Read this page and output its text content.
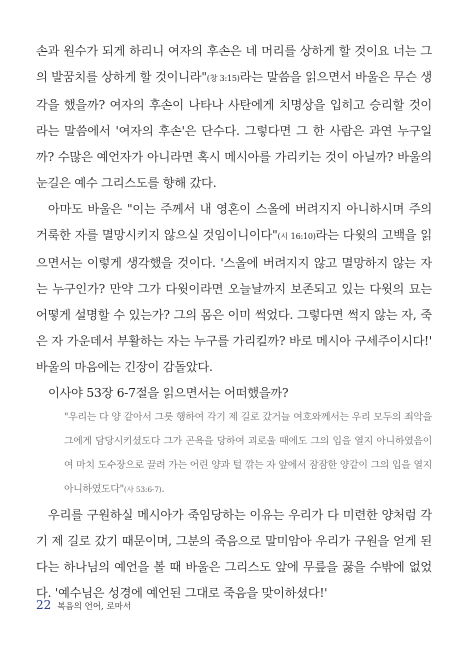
손과 원수가 되게 하리니 여자의 후손은 네 머리를 상하게 할 것이요 너는 그의 발꿈치를 상하게 할 것이니라"(창 3:15)라는 말씀을 읽으면서 바울은 무슨 생각을 했을까? 여자의 후손이 나타나 사탄에게 치명상을 입히고 승리할 것이라는 말씀에서 '여자의 후손'은 단수다. 그렇다면 그 한 사람은 과연 누구일까? 수많은 예언자가 아니라면 혹시 메시아를 가리키는 것이 아닐까? 바울의 눈길은 예수 그리스도를 향해 갔다.

아마도 바울은 "이는 주께서 내 영혼이 스올에 버려지지 아니하시며 주의 거룩한 자를 멸망시키지 않으실 것임이니이다"(시 16:10)라는 다윗의 고백을 읽으면서는 이렇게 생각했을 것이다. '스올에 버려지지 않고 멸망하지 않는 자는 누구인가? 만약 그가 다윗이라면 오늘날까지 보존되고 있는 다윗의 묘는 어떻게 설명할 수 있는가? 그의 몸은 이미 썩었다. 그렇다면 썩지 않는 자, 죽은 자 가운데서 부활하는 자는 누구를 가리킬까? 바로 메시아 구세주이시다!' 바울의 마음에는 긴장이 감돌았다.

이사야 53장 6-7절을 읽으면서는 어떠했을까?

"우리는 다 양 같아서 그릇 행하여 각기 제 길로 갔거늘 여호와께서는 우리 모두의 죄악을 그에게 담당시키셨도다 그가 곤욕을 당하여 괴로울 때에도 그의 입을 열지 아니하였음이여 마치 도수장으로 끌려 가는 어린 양과 털 깎는 자 앞에서 잠잠한 양같이 그의 입을 열지 아니하였도다"(사 53:6-7).

우리를 구원하실 메시아가 죽임당하는 이유는 우리가 다 미련한 양처럼 각기 제 길로 갔기 때문이며, 그분의 죽음으로 말미암아 우리가 구원을 얻게 된다는 하나님의 예언을 볼 때 바울은 그리스도 앞에 무릎을 꿇을 수밖에 없었다. '예수님은 성경에 예언된 그대로 죽음을 맞이하셨다!'

22 복음의 언어, 로마서
